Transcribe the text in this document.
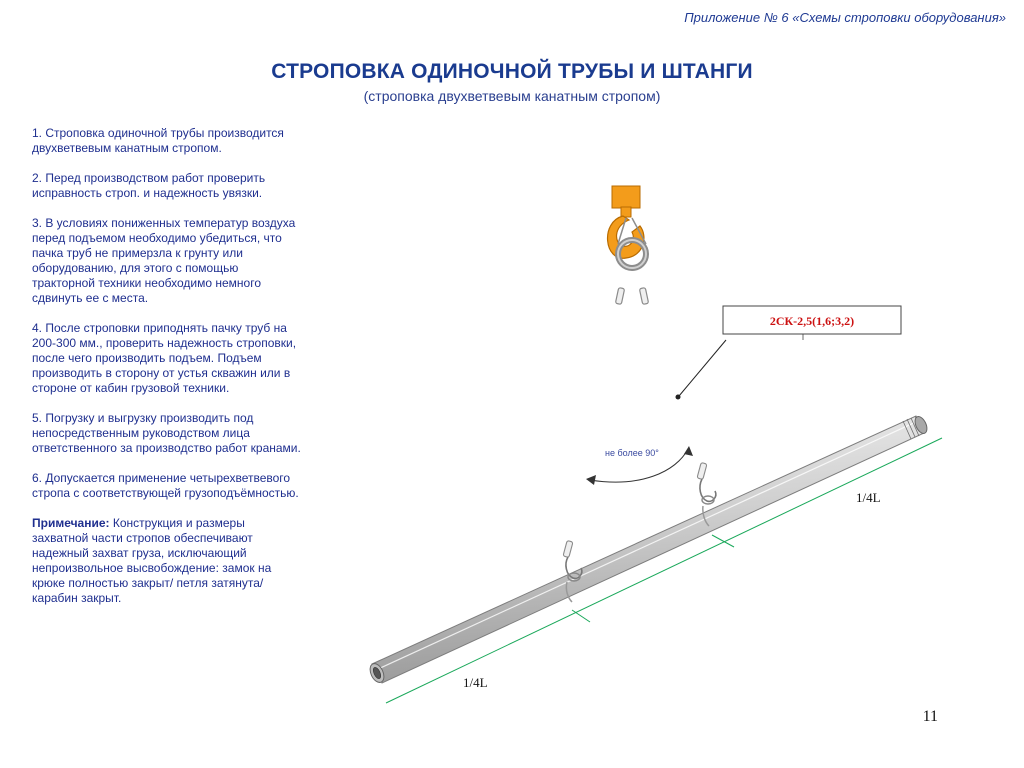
Приложение № 6 «Схемы строповки оборудования»
СТРОПОВКА ОДИНОЧНОЙ ТРУБЫ И ШТАНГИ
(строповка двухветвевым канатным стропом)

1. Строповка одиночной трубы производится двухветвевым канатным стропом.

2. Перед производством работ проверить исправность строп. и надежность увязки.

3. В условиях пониженных температур воздуха перед подъемом необходимо убедиться, что пачка труб не примерзла к грунту или оборудованию, для этого с помощью тракторной техники необходимо немного сдвинуть ее с места.

4. После строповки приподнять пачку труб на 200-300 мм., проверить надежность строповки, после чего производить подъем. Подъем производить в сторону от устья скважин или в стороне от кабин грузовой техники.

5. Погрузку и выгрузку производить под непосредственным руководством лица ответственного за производство работ кранами.

6. Допускается применение четырехветвевого стропа с соответствующей грузоподъёмностью.

Примечание: Конструкция и размеры захватной части стропов обеспечивают надежный захват груза, исключающий непроизвольное высвобождение: замок на крюке полностью закрыт/ петля затянута/ карабин закрыт.

2СК-2,5(1,6;3,2)
не более 90°
1/4L
1/4L
11
